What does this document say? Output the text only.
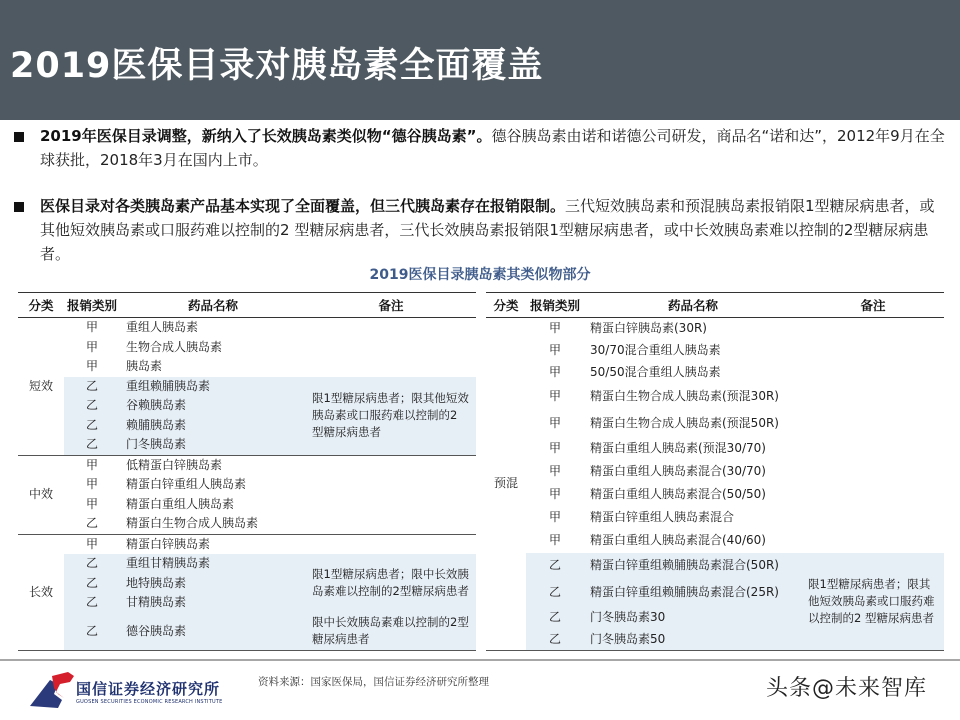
2019医保目录对胰岛素全面覆盖
2019年医保目录调整，新纳入了长效胰岛素类似物“德谷胰岛素”。德谷胰岛素由诺和诺德公司研发，商品名“诺和达”，2012年9月在全球获批，2018年3月在国内上市。
医保目录对各类胰岛素产品基本实现了全面覆盖，但三代胰岛素存在报销限制。三代短效胰岛素和预混胰岛素报销限1型糖尿病患者，或其他短效胰岛素或口服药难以控制的2 型糖尿病患者，三代长效胰岛素报销限1型糖尿病患者，或中长效胰岛素难以控制的2型糖尿病患者。
2019医保目录胰岛素其类似物部分
分类	报销类别	药品名称	备注
短效	甲	重组人胰岛素	
	甲	生物合成人胰岛素	
	甲	胰岛素	
	乙	重组赖脯胰岛素	限1型糖尿病患者；限其他短效胰岛素或口服药难以控制的2 型糖尿病患者
	乙	谷赖胰岛素	
	乙	赖脯胰岛素	
	乙	门冬胰岛素	
中效	甲	低精蛋白锌胰岛素	
	甲	精蛋白锌重组人胰岛素	
	甲	精蛋白重组人胰岛素	
	乙	精蛋白生物合成人胰岛素	
长效	甲	精蛋白锌胰岛素	
	乙	重组甘精胰岛素	限1型糖尿病患者；限中长效胰岛素难以控制的2型糖尿病患者
	乙	地特胰岛素	
	乙	甘精胰岛素	
	乙	德谷胰岛素	限中长效胰岛素难以控制的2型糖尿病患者
分类	报销类别	药品名称	备注
预混	甲	精蛋白锌胰岛素(30R)	
	甲	30/70混合重组人胰岛素	
	甲	50/50混合重组人胰岛素	
	甲	精蛋白生物合成人胰岛素(预混30R)	
	甲	精蛋白生物合成人胰岛素(预混50R)	
	甲	精蛋白重组人胰岛素(预混30/70)	
	甲	精蛋白重组人胰岛素混合(30/70)	
	甲	精蛋白重组人胰岛素混合(50/50)	
	甲	精蛋白锌重组人胰岛素混合	
	甲	精蛋白重组人胰岛素混合(40/60)	
	乙	精蛋白锌重组赖脯胰岛素混合(50R)	限1型糖尿病患者；限其他短效胰岛素或口服药难以控制的2 型糖尿病患者
	乙	精蛋白锌重组赖脯胰岛素混合(25R)	
	乙	门冬胰岛素30	
	乙	门冬胰岛素50	
国信证券经济研究所
GUOSEN SECURITIES ECONOMIC RESEARCH INSTITUTE
资料来源：国家医保局，国信证券经济研究所整理	头条@未来智库
